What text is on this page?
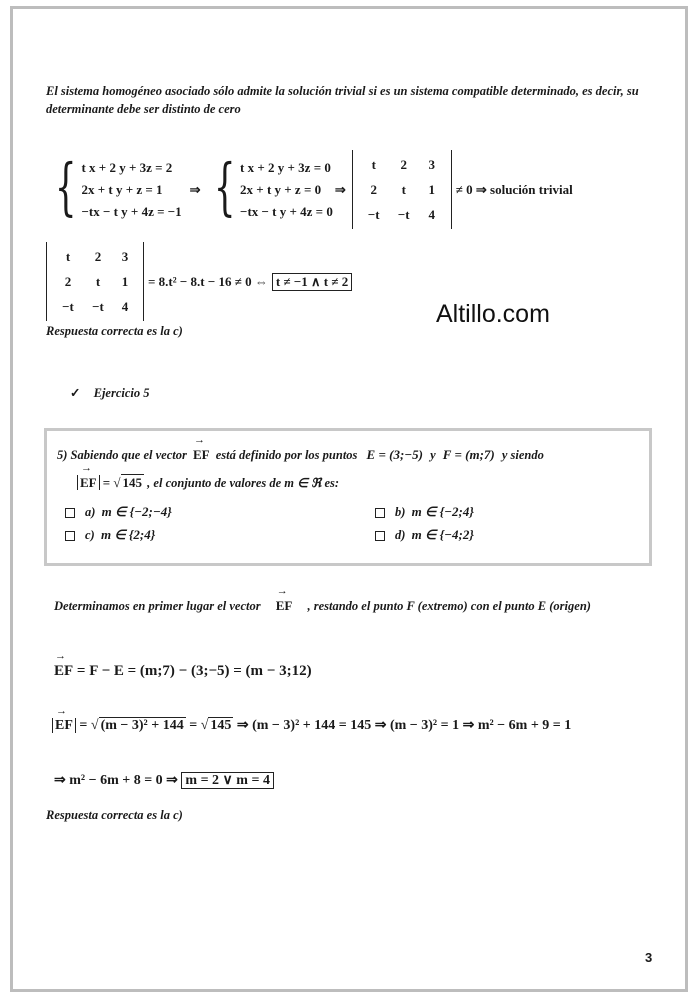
El sistema homogéneo asociado sólo admite la solución trivial si es un sistema compatible determinado, es decir, su determinante debe ser distinto de cero
{ t x + 2 y + 3z = 2
2x + t y + z = 1
−tx − t y + 4z = −1
⇒ { t x + 2 y + 3z = 0
2x + t y + z = 0
−tx − t y + 4z = 0
⇒
t	2	3
2	t	1
−t	−t	4
≠ 0 ⇒ solución trivial
t	2	3
2	t	1
−t	−t	4
= 8.t² − 8.t − 16 ≠ 0 ⇔ t ≠ −1 ∧ t ≠ 2
Respuesta correcta es la c)
Altillo.com
✓ Ejercicio 5
5) Sabiendo que el vector → EF está definido por los puntos E = (3;−5) y F = (m;7) y siendo
→ EF = √ 145 , el conjunto de valores de m ∈ ℜ es:
a) m ∈ {−2;−4}	b) m ∈ {−2;4}
c) m ∈ {2;4}	d) m ∈ {−4;2}
Determinamos en primer lugar el vector → EF , restando el punto F (extremo) con el punto E (origen)
→ EF = F − E = (m;7) − (3;−5) = (m − 3;12)
→ EF = √ (m − 3)² + 144 = √ 145 ⇒ (m − 3)² + 144 = 145 ⇒ (m − 3)² = 1 ⇒ m² − 6m + 9 = 1
⇒ m² − 6m + 8 = 0 ⇒ m = 2 ∨ m = 4
Respuesta correcta es la c)
3
